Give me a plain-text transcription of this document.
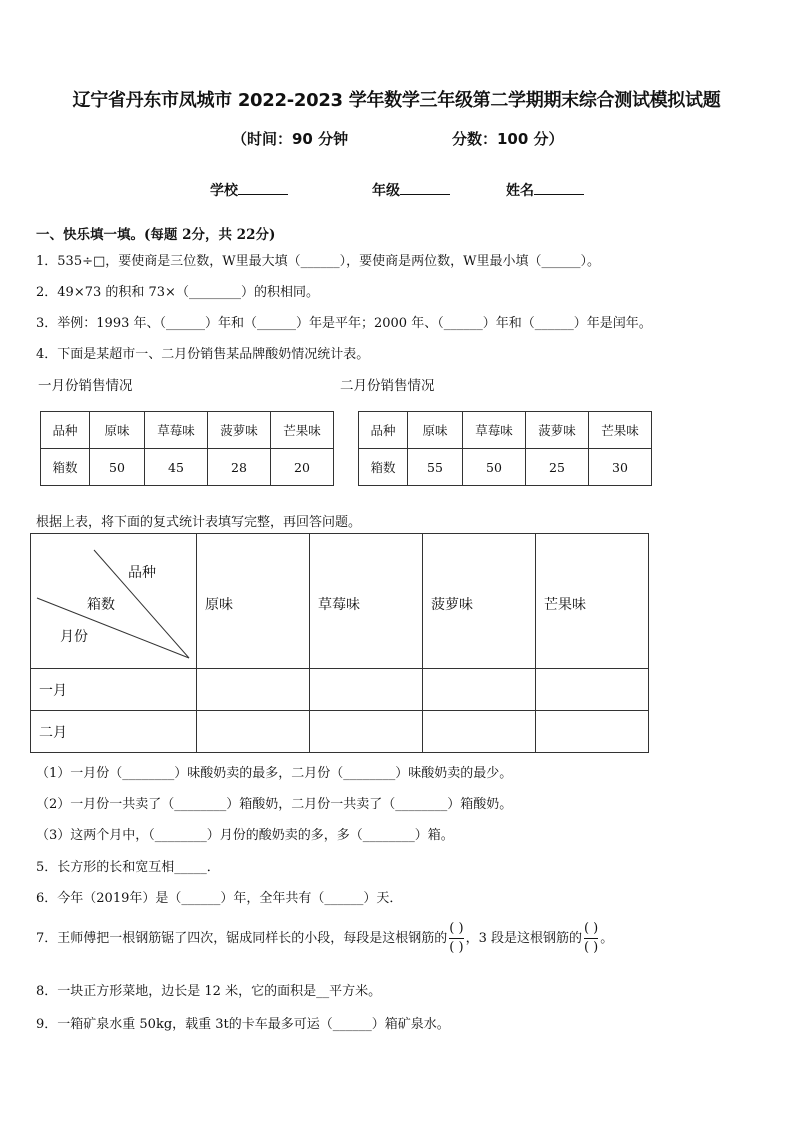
辽宁省丹东市凤城市 2022-2023 学年数学三年级第二学期期末综合测试模拟试题
（时间：90 分钟	分数：100 分）
学校	年级	姓名
一、快乐填一填。(每题 2分，共 22分)
1．535÷□，要使商是三位数，W里最大填（______），要使商是两位数，W里最小填（______）。
2．49×73 的积和 73×（________）的积相同。
3．举例：1993 年、（______）年和（______）年是平年；2000 年、（______）年和（______）年是闰年。
4．下面是某超市一、二月份销售某品牌酸奶情况统计表。
一月份销售情况	二月份销售情况
品种	原味	草莓味	菠萝味	芒果味
箱数	50	45	28	20
品种	原味	草莓味	菠萝味	芒果味
箱数	55	50	25	30
根据上表，将下面的复式统计表填写完整，再回答问题。
品种
箱数
月份	原味	草莓味	菠萝味	芒果味
一月				
二月				
（1）一月份（________）味酸奶卖的最多，二月份（________）味酸奶卖的最少。
（2）一月份一共卖了（________）箱酸奶，二月份一共卖了（________）箱酸奶。
（3）这两个月中，（________）月份的酸奶卖的多，多（________）箱。
5．长方形的长和宽互相_____．
6．今年（2019年）是（______）年，全年共有（______）天．
7．王师傅把一根钢筋锯了四次，锯成同样长的小段，每段是这根钢筋的 $\frac{( )}{( )}$ ，3 段是这根钢筋的 $\frac{( )}{( )}$ 。
8．一块正方形菜地，边长是 12 米，它的面积是__平方米。
9．一箱矿泉水重 50kg，载重 3t的卡车最多可运（______）箱矿泉水。
